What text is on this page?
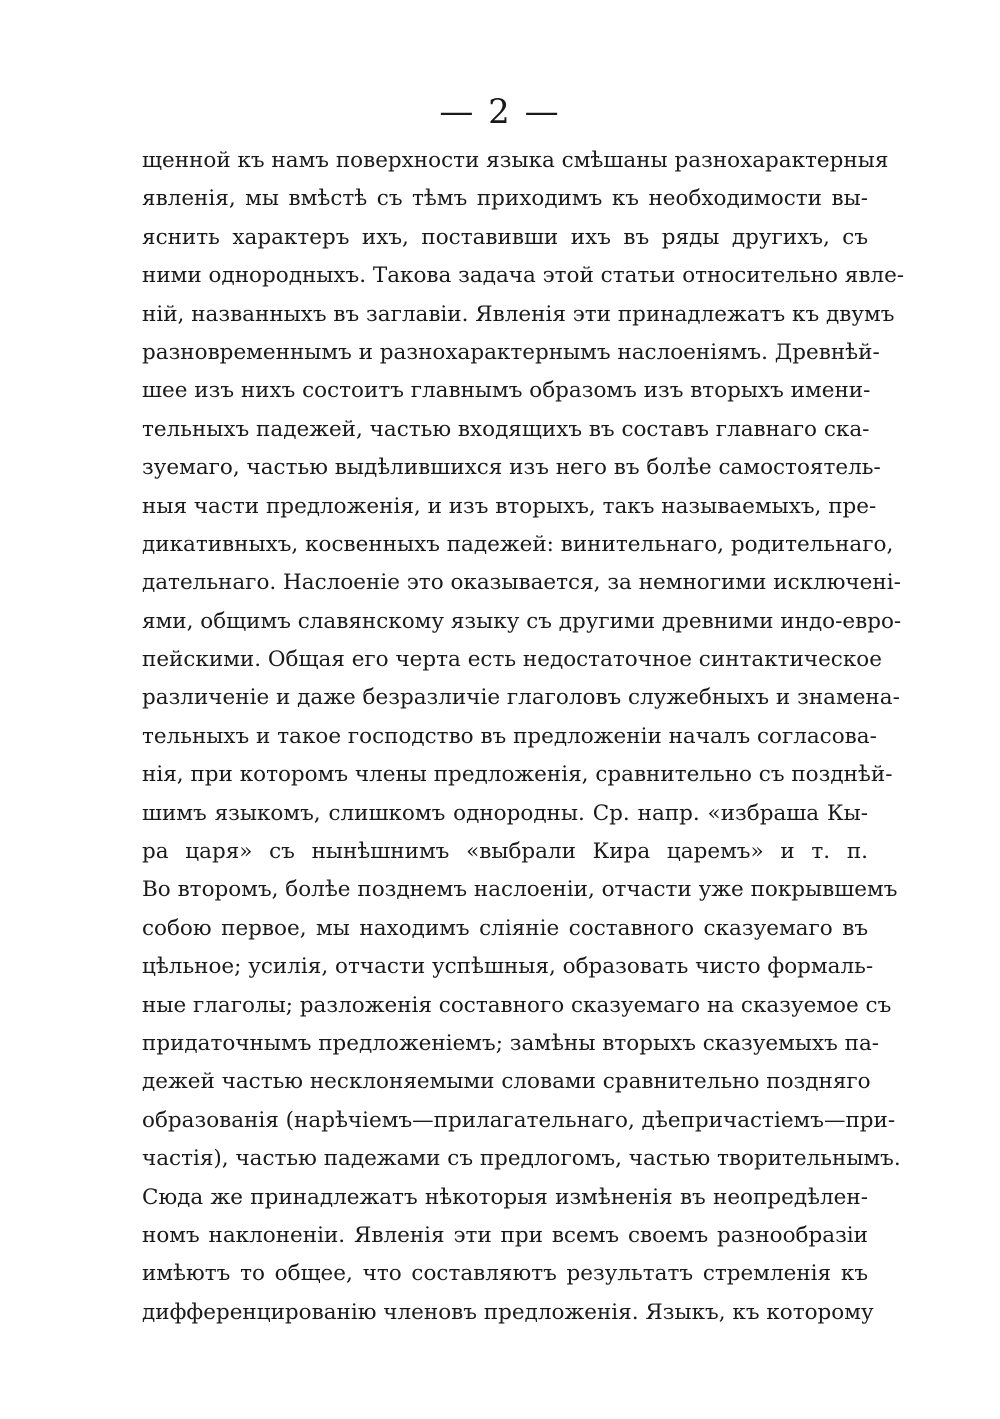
— 2 —
щенной къ намъ поверхности языка смѣшаны разнохарактерныя
явленія, мы вмѣстѣ съ тѣмъ приходимъ къ необходимости вы-
яснить характеръ ихъ, поставивши ихъ въ ряды другихъ, съ
ними однородныхъ. Такова задача этой статьи относительно явле-
ній, названныхъ въ заглавіи. Явленія эти принадлежатъ къ двумъ
разновременнымъ и разнохарактернымъ наслоеніямъ. Древнѣй-
шее изъ нихъ состоитъ главнымъ образомъ изъ вторыхъ имени-
тельныхъ падежей, частью входящихъ въ составъ главнаго ска-
зуемаго, частью выдѣлившихся изъ него въ болѣе самостоятель-
ныя части предложенія, и изъ вторыхъ, такъ называемыхъ, пре-
дикативныхъ, косвенныхъ падежей: винительнаго, родительнаго,
дательнаго. Наслоеніе это оказывается, за немногими исключені-
ями, общимъ славянскому языку съ другими древними индо-евро-
пейскими. Общая его черта есть недостаточное синтактическое
различеніе и даже безразличіе глаголовъ служебныхъ и знамена-
тельныхъ и такое господство въ предложеніи началъ согласова-
нія, при которомъ члены предложенія, сравнительно съ позднѣй-
шимъ языкомъ, слишкомъ однородны. Ср. напр. «избраша Кы-
ра царя» съ нынѣшнимъ «выбрали Кира царемъ» и т. п.
Во второмъ, болѣе позднемъ наслоеніи, отчасти уже покрывшемъ
собою первое, мы находимъ сліяніе составного сказуемаго въ
цѣльное; усилія, отчасти успѣшныя, образовать чисто формаль-
ные глаголы; разложенія составного сказуемаго на сказуемое съ
придаточнымъ предложеніемъ; замѣны вторыхъ сказуемыхъ па-
дежей частью несклоняемыми словами сравнительно поздняго
образованія (нарѣчіемъ—прилагательнаго, дѣепричастіемъ—при-
частія), частью падежами съ предлогомъ, частью творительнымъ.
Сюда же принадлежатъ нѣкоторыя измѣненія въ неопредѣлен-
номъ наклоненіи. Явленія эти при всемъ своемъ разнообразіи
имѣютъ то общее, что составляютъ результатъ стремленія къ
дифференцированію членовъ предложенія. Языкъ, къ которому
